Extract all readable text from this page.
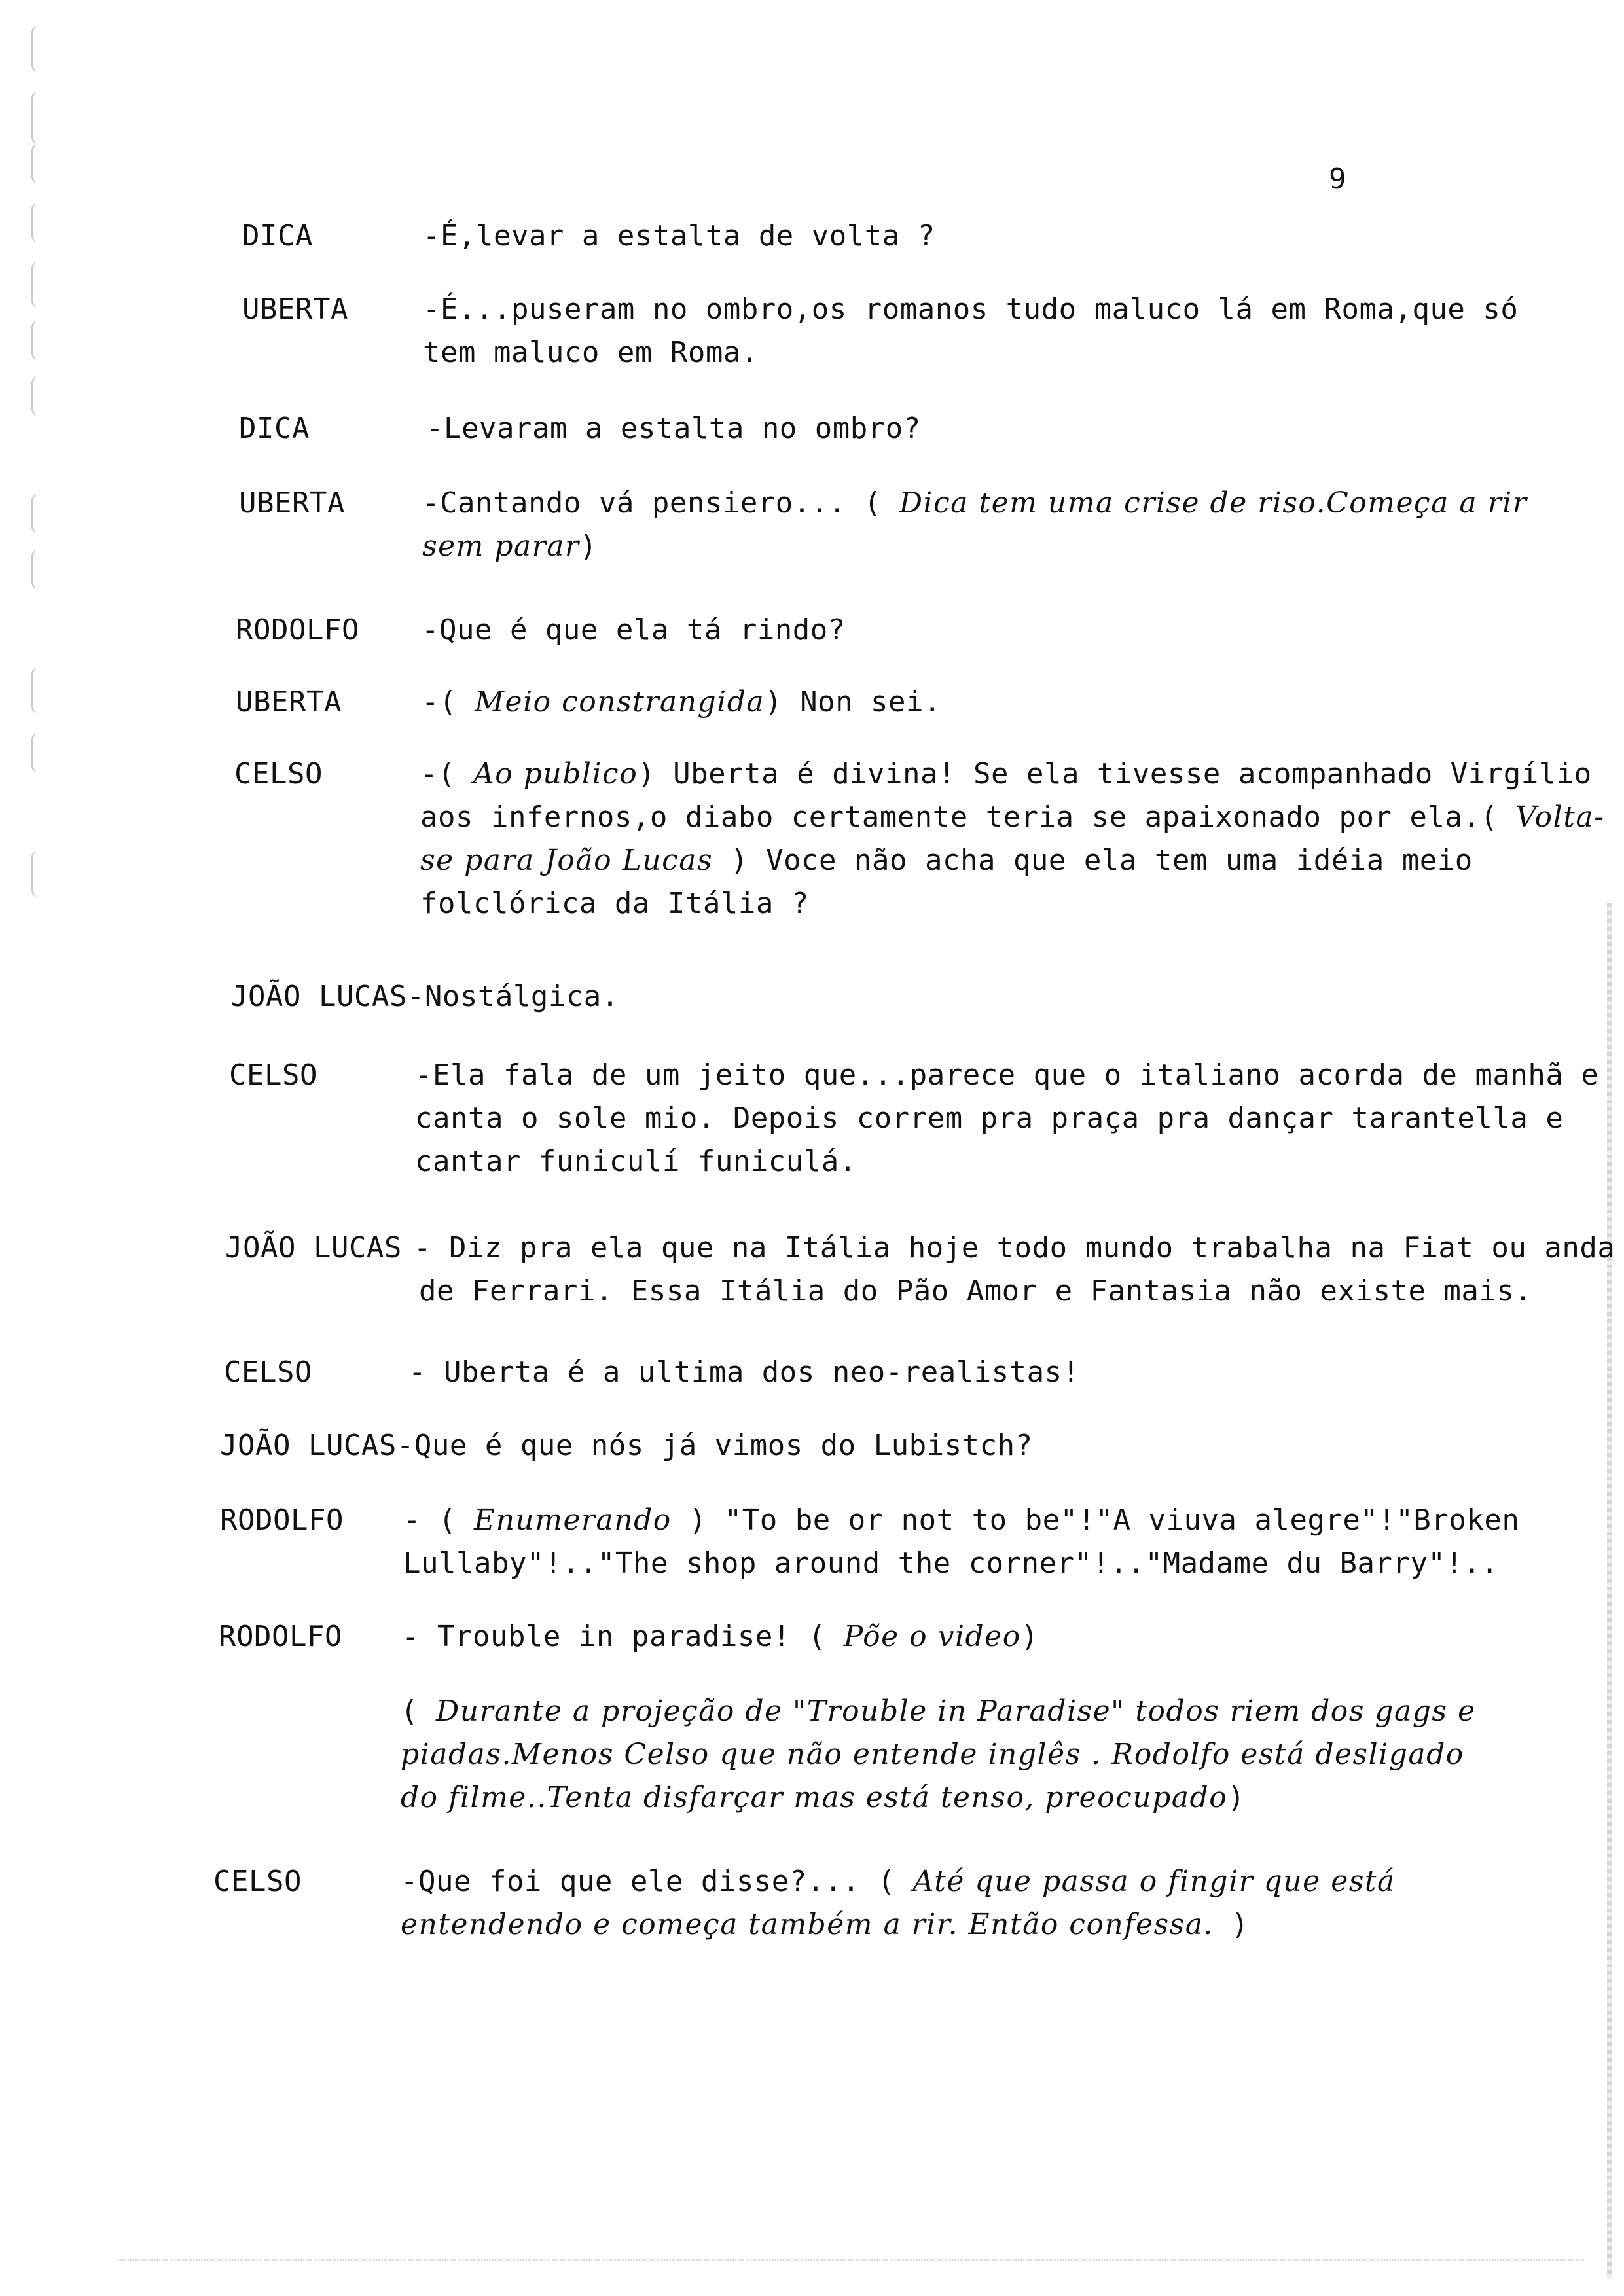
9
DICA	-É,levar a estalta de volta ?
UBERTA	-É...puseram no ombro,os romanos tudo maluco lá em Roma,que só
tem maluco em Roma.
DICA	-Levaram a estalta no ombro?
UBERTA	-Cantando vá pensiero... ( Dica tem uma crise de riso.Começa a rir
sem parar)
RODOLFO -Que é que ela tá rindo?
UBERTA	-( Meio constrangida) Non sei.
CELSO	-( Ao publico) Uberta é divina! Se ela tivesse acompanhado Virgílio
aos infernos,o diabo certamente teria se apaixonado por ela.( Volta-
se para João Lucas ) Voce não acha que ela tem uma idéia meio
folclórica da Itália ?
JOÃO LUCAS-Nostálgica.
CELSO	-Ela fala de um jeito que...parece que o italiano acorda de manhã e
canta o sole mio. Depois correm pra praça pra dançar tarantella e
cantar funiculí funiculá.
JOÃO LUCAS - Diz pra ela que na Itália hoje todo mundo trabalha na Fiat ou anda
de Ferrari. Essa Itália do Pão Amor e Fantasia não existe mais.
CELSO	- Uberta é a ultima dos neo-realistas!
JOÃO LUCAS-Que é que nós já vimos do Lubistch?
RODOLFO - ( Enumerando ) "To be or not to be"!"A viuva alegre"!"Broken
Lullaby"!.."The shop around the corner"!.."Madame du Barry"!..
RODOLFO - Trouble in paradise! ( Põe o video)
( Durante a projeção de "Trouble in Paradise" todos riem dos gags e
piadas.Menos Celso que não entende inglês . Rodolfo está desligado
do filme..Tenta disfarçar mas está tenso, preocupado)
CELSO	-Que foi que ele disse?... ( Até que passa o fingir que está
entendendo e começa também a rir. Então confessa. )
